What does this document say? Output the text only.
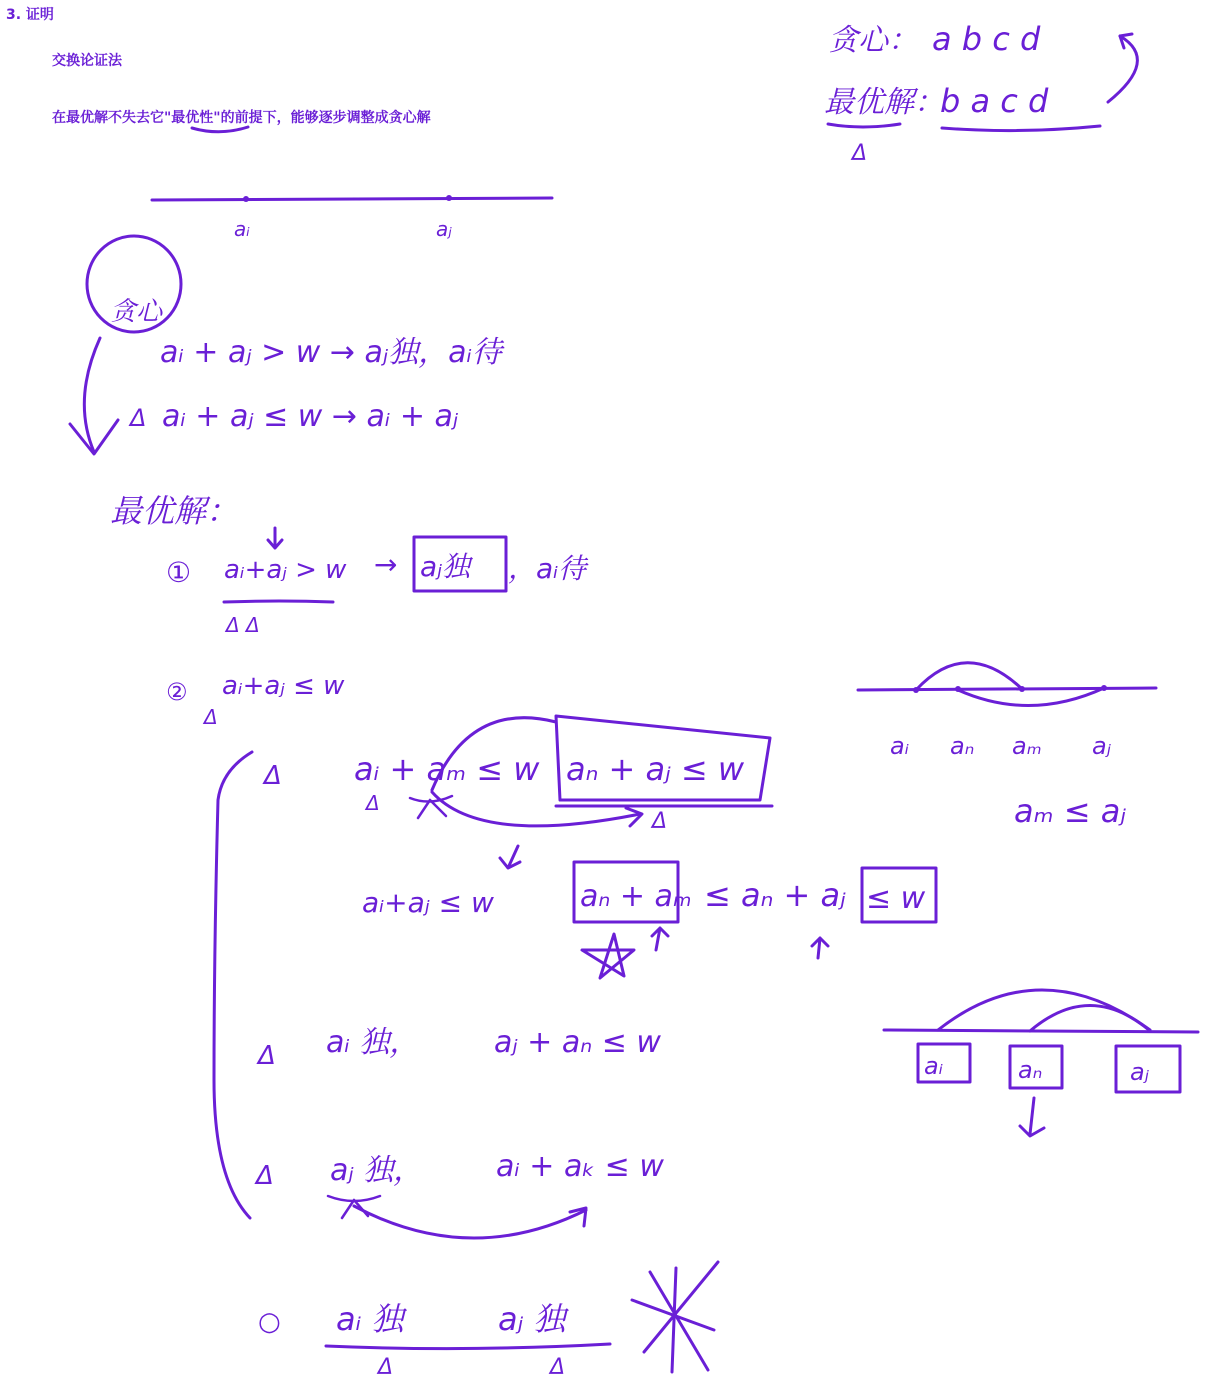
3. 证明
交换论证法
在最优解不失去它"最优性"的前提下，能够逐步调整成贪心解
贪心： a b c d
最优解：
b a c d
Δ
aᵢ	aⱼ
贪心
aᵢ + aⱼ > w → aⱼ独，aᵢ待
Δ aᵢ + aⱼ ≤ w → aᵢ + aⱼ
最优解：
① aᵢ+aⱼ > w
Δ Δ
→ aⱼ独 ，aᵢ待
② aᵢ+aⱼ ≤ w
Δ
Δ aᵢ + aₘ ≤ w
Δ
aₙ + aⱼ ≤ w
Δ
aᵢ+aⱼ ≤ w	aₙ + aₘ ≤ aₙ + aⱼ ≤ w
Δ aᵢ 独， aⱼ + aₙ ≤ w
Δ aⱼ 独， aᵢ + aₖ ≤ w
○ aᵢ 独	aⱼ 独
Δ	Δ
aᵢ aₙ aₘ aⱼ
aₘ ≤ aⱼ
aᵢ	aₙ	aⱼ
